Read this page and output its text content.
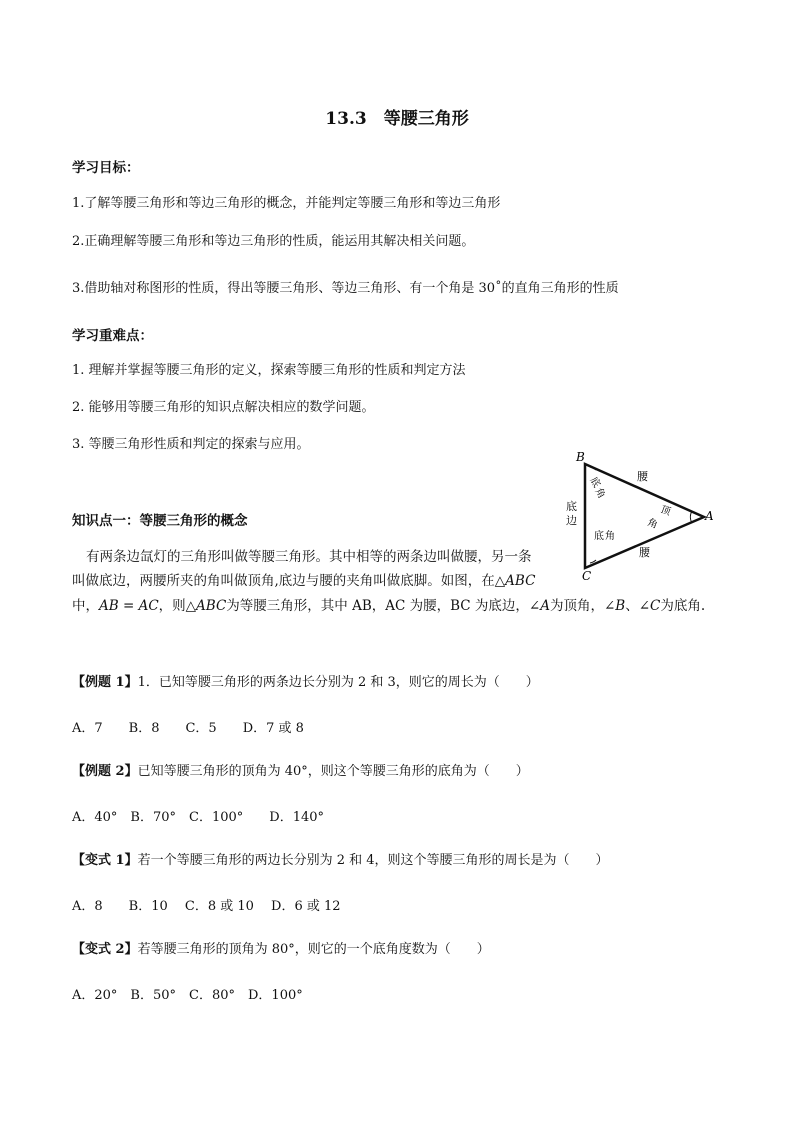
13.3　等腰三角形
学习目标：
1.了解等腰三角形和等边三角形的概念，并能判定等腰三角形和等边三角形
2.正确理解等腰三角形和等边三角形的性质，能运用其解决相关问题。
3.借助轴对称图形的性质，得出等腰三角形、等边三角形、有一个角是 30˚的直角三角形的性质
学习重难点：
1. 理解并掌握等腰三角形的定义，探索等腰三角形的性质和判定方法
2. 能够用等腰三角形的知识点解决相应的数学问题。
3. 等腰三角形性质和判定的探索与应用。
B
C
A
腰
腰
底
边
顶
角
底
角
底 角
知识点一：等腰三角形的概念
有两条边氙灯的三角形叫做等腰三角形。其中相等的两条边叫做腰，另一条
叫做底边，两腰所夹的角叫做顶角,底边与腰的夹角叫做底脚。如图，在△ABC
中，AB = AC，则△ABC为等腰三角形，其中 AB，AC 为腰，BC 为底边，∠A为顶角，∠B、∠C为底角.
【例题 1】1．已知等腰三角形的两条边长分别为 2 和 3，则它的周长为（　　）
A．7　　B．8　　C．5　　D．7 或 8
【例题 2】已知等腰三角形的顶角为 40°，则这个等腰三角形的底角为（　　）
A．40°　B．70°　C．100°　　D．140°
【变式 1】若一个等腰三角形的两边长分别为 2 和 4，则这个等腰三角形的周长是为（　　）
A．8　　B．10　 C．8 或 10　 D．6 或 12
【变式 2】若等腰三角形的顶角为 80°，则它的一个底角度数为（　　）
A．20°　B．50°　C．80°　D．100°
